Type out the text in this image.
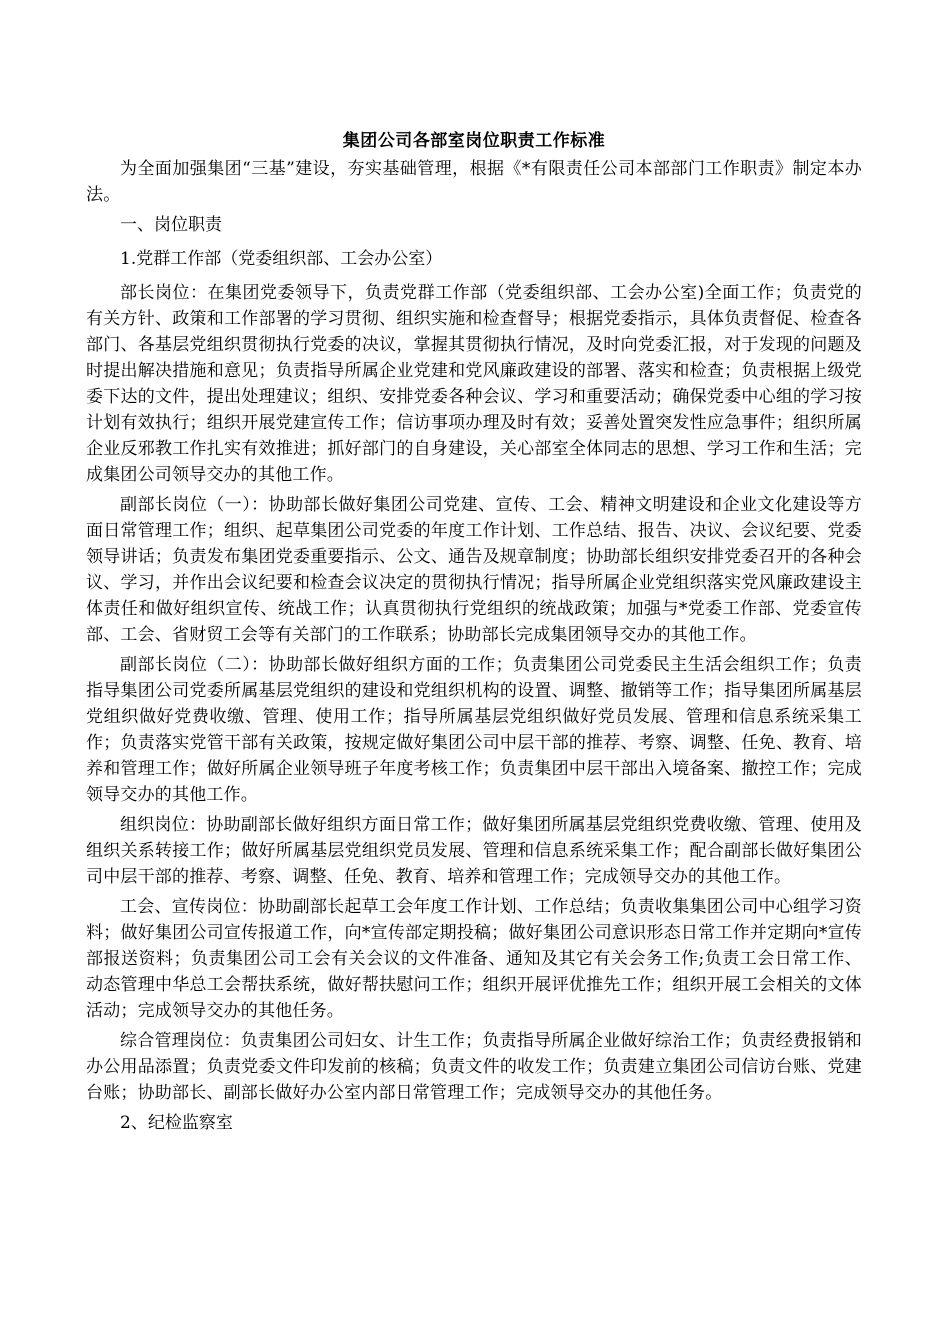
集团公司各部室岗位职责工作标准

为全面加强集团“三基”建设，夯实基础管理，根据《*有限责任公司本部部门工作职责》制定本办法。

一、岗位职责

1.党群工作部（党委组织部、工会办公室）

部长岗位：在集团党委领导下，负责党群工作部（党委组织部、工会办公室)全面工作；负责党的有关方针、政策和工作部署的学习贯彻、组织实施和检查督导；根据党委指示，具体负责督促、检查各部门、各基层党组织贯彻执行党委的决议，掌握其贯彻执行情况，及时向党委汇报，对于发现的问题及时提出解决措施和意见；负责指导所属企业党建和党风廉政建设的部署、落实和检查；负责根据上级党委下达的文件，提出处理建议；组织、安排党委各种会议、学习和重要活动；确保党委中心组的学习按计划有效执行；组织开展党建宣传工作；信访事项办理及时有效；妥善处置突发性应急事件；组织所属企业反邪教工作扎实有效推进；抓好部门的自身建设，关心部室全体同志的思想、学习工作和生活；完成集团公司领导交办的其他工作。

副部长岗位（一）：协助部长做好集团公司党建、宣传、工会、精神文明建设和企业文化建设等方面日常管理工作；组织、起草集团公司党委的年度工作计划、工作总结、报告、决议、会议纪要、党委领导讲话；负责发布集团党委重要指示、公文、通告及规章制度；协助部长组织安排党委召开的各种会议、学习，并作出会议纪要和检查会议决定的贯彻执行情况；指导所属企业党组织落实党风廉政建设主体责任和做好组织宣传、统战工作；认真贯彻执行党组织的统战政策；加强与*党委工作部、党委宣传部、工会、省财贸工会等有关部门的工作联系；协助部长完成集团领导交办的其他工作。

副部长岗位（二）：协助部长做好组织方面的工作；负责集团公司党委民主生活会组织工作；负责指导集团公司党委所属基层党组织的建设和党组织机构的设置、调整、撤销等工作；指导集团所属基层党组织做好党费收缴、管理、使用工作；指导所属基层党组织做好党员发展、管理和信息系统采集工作；负责落实党管干部有关政策，按规定做好集团公司中层干部的推荐、考察、调整、任免、教育、培养和管理工作；做好所属企业领导班子年度考核工作；负责集团中层干部出入境备案、撤控工作；完成领导交办的其他工作。

组织岗位：协助副部长做好组织方面日常工作；做好集团所属基层党组织党费收缴、管理、使用及组织关系转接工作；做好所属基层党组织党员发展、管理和信息系统采集工作；配合副部长做好集团公司中层干部的推荐、考察、调整、任免、教育、培养和管理工作；完成领导交办的其他工作。

工会、宣传岗位：协助副部长起草工会年度工作计划、工作总结；负责收集集团公司中心组学习资料；做好集团公司宣传报道工作，向*宣传部定期投稿；做好集团公司意识形态日常工作并定期向*宣传部报送资料；负责集团公司工会有关会议的文件准备、通知及其它有关会务工作;负责工会日常工作、动态管理中华总工会帮扶系统，做好帮扶慰问工作；组织开展评优推先工作；组织开展工会相关的文体活动；完成领导交办的其他任务。

综合管理岗位：负责集团公司妇女、计生工作；负责指导所属企业做好综治工作；负责经费报销和办公用品添置；负责党委文件印发前的核稿；负责文件的收发工作；负责建立集团公司信访台账、党建台账；协助部长、副部长做好办公室内部日常管理工作；完成领导交办的其他任务。

2、纪检监察室
